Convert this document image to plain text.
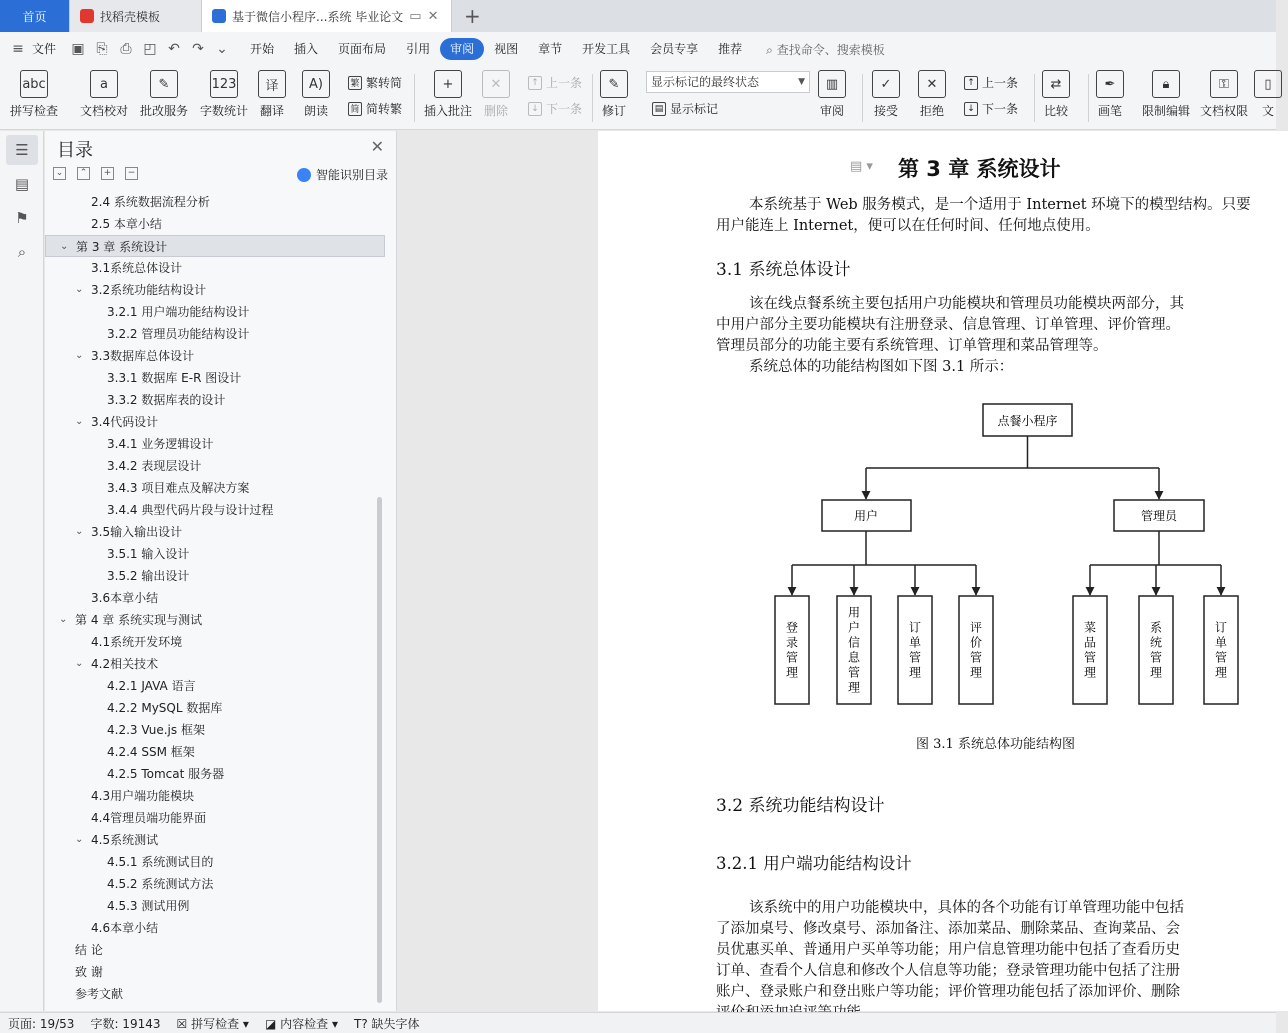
首页	找稻壳模板	基于微信小程序...系统 毕业论文 ▭ ✕	+
≡ 文件	▣ ⎘ ⎙ ◰ ↶ ↷ ⌄	开始	插入	页面布局	引用	审阅	视图	章节	开发工具	会员专享	推荐	⌕ 查找命令、搜索模板
abc
拼写检查
a
文档校对
✎
批改服务
123
字数统计
译
翻译
A)
朗读
繁 繁转简
简 简转繁
+
插入批注
✕
删除
↑ 上一条
↓ 下一条
✎
修订
显示标记的最终状态	▼
▤ 显示标记
▥
审阅
✓
接受
✕
拒绝
↑ 上一条
↓ 下一条
⇄
比较
✒
画笔
🔒︎
限制编辑
⚿
文档权限
▯
文
☰
▤
⚑
⌕
目录	✕
⌄	⌃	+	−	智能识别目录
2.4 系统数据流程分析
2.5 本章小结
⌄ 第 3 章 系统设计
3.1系统总体设计
⌄ 3.2系统功能结构设计
3.2.1 用户端功能结构设计
3.2.2 管理员功能结构设计
⌄ 3.3数据库总体设计
3.3.1 数据库 E-R 图设计
3.3.2 数据库表的设计
⌄ 3.4代码设计
3.4.1 业务逻辑设计
3.4.2 表现层设计
3.4.3 项目难点及解决方案
3.4.4 典型代码片段与设计过程
⌄ 3.5输入输出设计
3.5.1 输入设计
3.5.2 输出设计
3.6本章小结
⌄ 第 4 章 系统实现与测试
4.1系统开发环境
⌄ 4.2相关技术
4.2.1 JAVA 语言
4.2.2 MySQL 数据库
4.2.3 Vue.js 框架
4.2.4 SSM 框架
4.2.5 Tomcat 服务器
4.3用户端功能模块
4.4管理员端功能界面
⌄ 4.5系统测试
4.5.1 系统测试目的
4.5.2 系统测试方法
4.5.3 测试用例
4.6本章小结
结 论
致 谢
参考文献
▤ ▾ 第 3 章 系统设计
本系统基于 Web 服务模式，是一个适用于 Internet 环境下的模型结构。只要
用户能连上 Internet，便可以在任何时间、任何地点使用。
3.1 系统总体设计
该在线点餐系统主要包括用户功能模块和管理员功能模块两部分，其
中用户部分主要功能模块有注册登录、信息管理、订单管理、评价管理。
管理员部分的功能主要有系统管理、订单管理和菜品管理等。
系统总体的功能结构图如下图 3.1 所示：
点餐小程序
用户	管理员
登
录
管
理
用
户
信
息
管
理
订
单
管
理
评
价
管
理
菜
品
管
理
系
统
管
理
订
单
管
理
图 3.1 系统总体功能结构图
3.2 系统功能结构设计
3.2.1 用户端功能结构设计
该系统中的用户功能模块中，具体的各个功能有订单管理功能中包括
了添加桌号、修改桌号、添加备注、添加菜品、删除菜品、查询菜品、会
员优惠买单、普通用户买单等功能；用户信息管理功能中包括了查看历史
订单、查看个人信息和修改个人信息等功能；登录管理功能中包括了注册
账户、登录账户和登出账户等功能；评价管理功能包括了添加评价、删除
页面: 19/53 字数: 19143 ☒ 拼写检查 ▾ ◪ 内容检查 ▾ T? 缺失字体
